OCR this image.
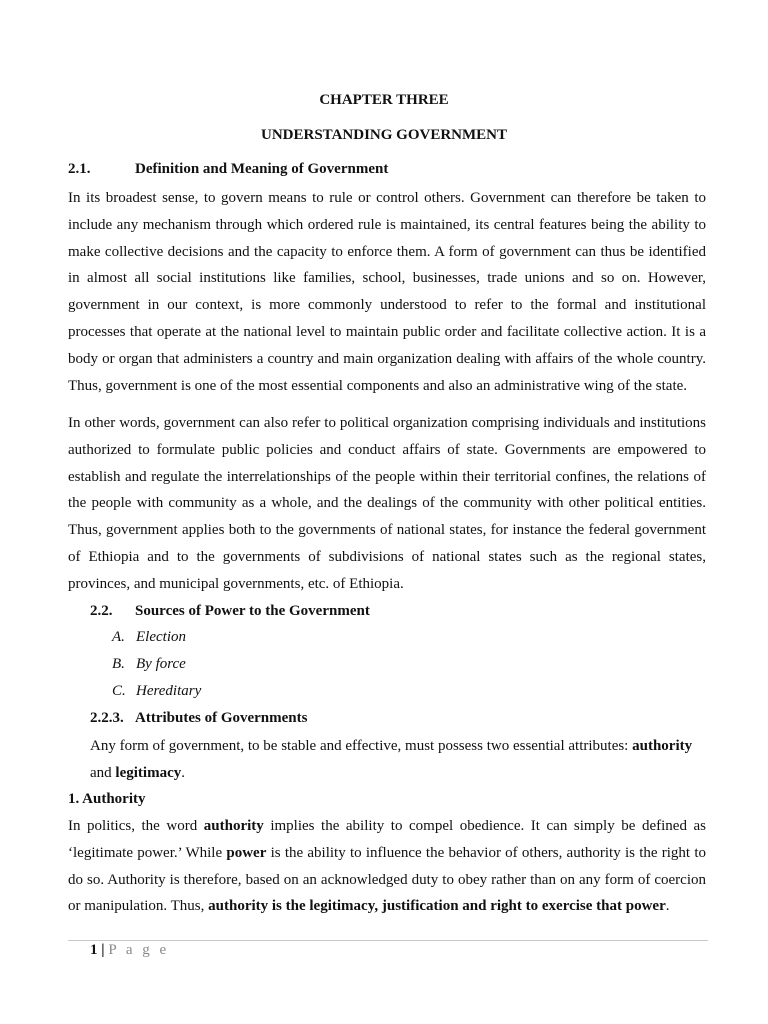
CHAPTER THREE
UNDERSTANDING GOVERNMENT
2.1.	Definition and Meaning of Government

In its broadest sense, to govern means to rule or control others. Government can therefore be taken to include any mechanism through which ordered rule is maintained, its central features being the ability to make collective decisions and the capacity to enforce them. A form of government can thus be identified in almost all social institutions like families, school, businesses, trade unions and so on. However, government in our context, is more commonly understood to refer to the formal and institutional processes that operate at the national level to maintain public order and facilitate collective action. It is a body or organ that administers a country and main organization dealing with affairs of the whole country. Thus, government is one of the most essential components and also an administrative wing of the state.

In other words, government can also refer to political organization comprising individuals and institutions authorized to formulate public policies and conduct affairs of state. Governments are empowered to establish and regulate the interrelationships of the people within their territorial confines, the relations of the people with community as a whole, and the dealings of the community with other political entities. Thus, government applies both to the governments of national states, for instance the federal government of Ethiopia and to the governments of subdivisions of national states such as the regional states, provinces, and municipal governments, etc. of Ethiopia.

2.2. Sources of Power to the Government
A. Election
B. By force
C. Hereditary
2.2.3. Attributes of Governments

Any form of government, to be stable and effective, must possess two essential attributes: authority
and legitimacy.

1. Authority

In politics, the word authority implies the ability to compel obedience. It can simply be defined as ‘legitimate power.’ While power is the ability to influence the behavior of others, authority is the right to do so. Authority is therefore, based on an acknowledged duty to obey rather than on any form of coercion or manipulation. Thus, authority is the legitimacy, justification and right to exercise that power.

1 | P a g e
